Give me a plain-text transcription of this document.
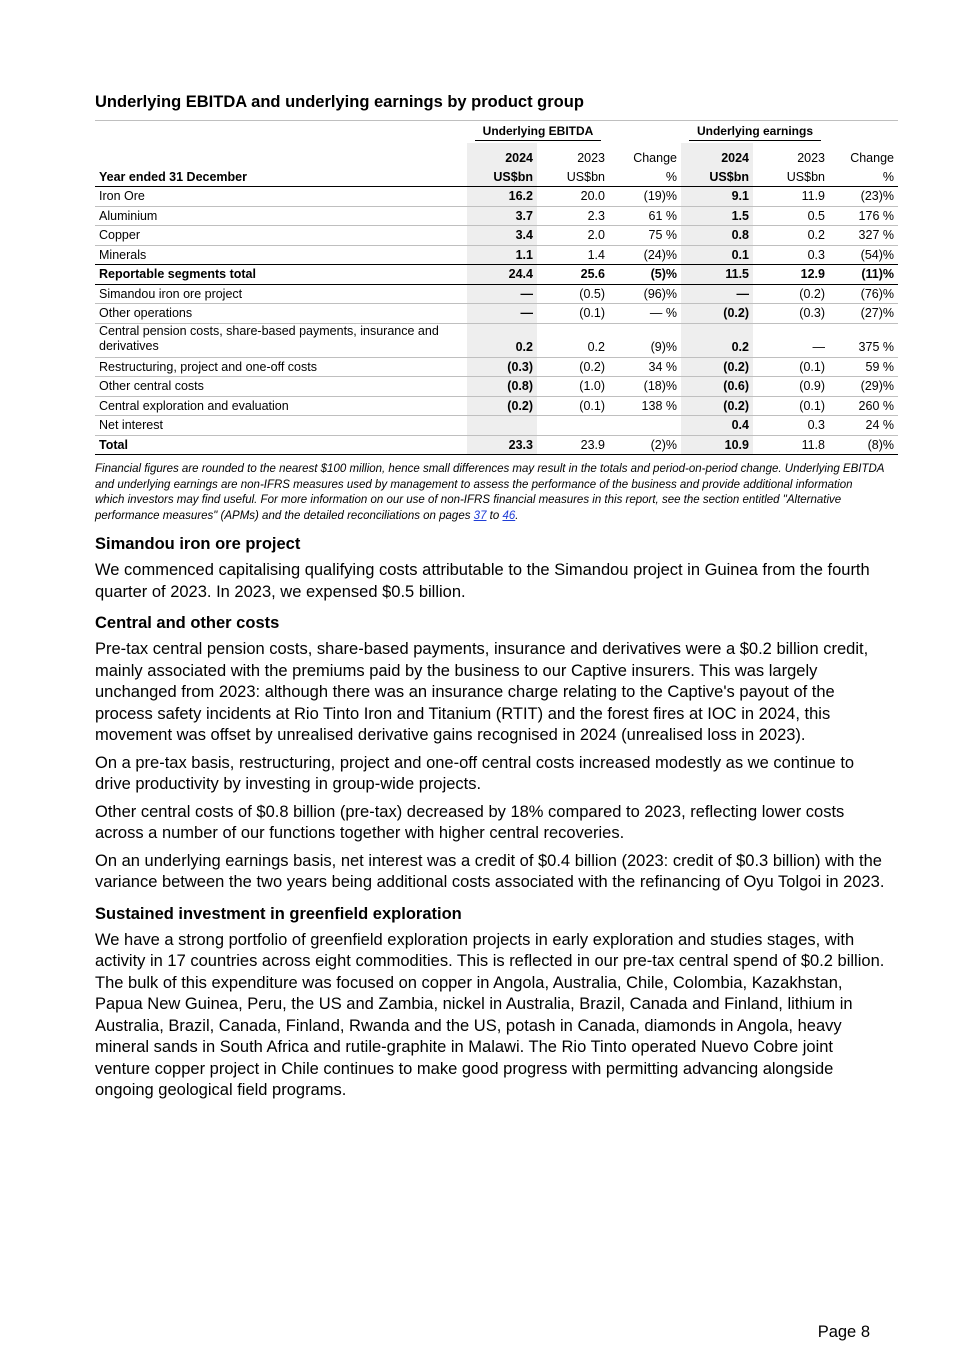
Underlying EBITDA and underlying earnings by product group

	Underlying EBITDA			Underlying earnings		

	2024	2023	Change	2024	2023	Change
Year ended 31 December	US$bn	US$bn	%	US$bn	US$bn	%
Iron Ore	16.2	20.0	(19)%	9.1	11.9	(23)%
Aluminium	3.7	2.3	61 %	1.5	0.5	176 %
Copper	3.4	2.0	75 %	0.8	0.2	327 %
Minerals	1.1	1.4	(24)%	0.1	0.3	(54)%
Reportable segments total	24.4	25.6	(5)%	11.5	12.9	(11)%
Simandou iron ore project	—	(0.5)	(96)%	—	(0.2)	(76)%
Other operations	—	(0.1)	— %	(0.2)	(0.3)	(27)%
Central pension costs, share-based payments, insurance and derivatives	0.2	0.2	(9)%	0.2	—	375 %
Restructuring, project and one-off costs	(0.3)	(0.2)	34 %	(0.2)	(0.1)	59 %
Other central costs	(0.8)	(1.0)	(18)%	(0.6)	(0.9)	(29)%
Central exploration and evaluation	(0.2)	(0.1)	138 %	(0.2)	(0.1)	260 %
Net interest				0.4	0.3	24 %
Total	23.3	23.9	(2)%	10.9	11.8	(8)%
Financial figures are rounded to the nearest $100 million, hence small differences may result in the totals and period-on-period change. Underlying EBITDA and underlying earnings are non-IFRS measures used by management to assess the performance of the business and provide additional information which investors may find useful. For more information on our use of non-IFRS financial measures in this report, see the section entitled "Alternative performance measures" (APMs) and the detailed reconciliations on pages 37 to 46.
Simandou iron ore project

We commenced capitalising qualifying costs attributable to the Simandou project in Guinea from the fourth quarter of 2023. In 2023, we expensed $0.5 billion.

Central and other costs

Pre-tax central pension costs, share-based payments, insurance and derivatives were a $0.2 billion credit, mainly associated with the premiums paid by the business to our Captive insurers. This was largely unchanged from 2023: although there was an insurance charge relating to the Captive's payout of the process safety incidents at Rio Tinto Iron and Titanium (RTIT) and the forest fires at IOC in 2024, this movement was offset by unrealised derivative gains recognised in 2024 (unrealised loss in 2023).

On a pre-tax basis, restructuring, project and one-off central costs increased modestly as we continue to drive productivity by investing in group-wide projects.

Other central costs of $0.8 billion (pre-tax) decreased by 18% compared to 2023, reflecting lower costs across a number of our functions together with higher central recoveries.

On an underlying earnings basis, net interest was a credit of $0.4 billion (2023: credit of $0.3 billion) with the variance between the two years being additional costs associated with the refinancing of Oyu Tolgoi in 2023.

Sustained investment in greenfield exploration

We have a strong portfolio of greenfield exploration projects in early exploration and studies stages, with activity in 17 countries across eight commodities. This is reflected in our pre-tax central spend of $0.2 billion. The bulk of this expenditure was focused on copper in Angola, Australia, Chile, Colombia, Kazakhstan, Papua New Guinea, Peru, the US and Zambia, nickel in Australia, Brazil, Canada and Finland, lithium in Australia, Brazil, Canada, Finland, Rwanda and the US, potash in Canada, diamonds in Angola, heavy mineral sands in South Africa and rutile-graphite in Malawi. The Rio Tinto operated Nuevo Cobre joint venture copper project in Chile continues to make good progress with permitting advancing alongside ongoing geological field programs.

Page 8
